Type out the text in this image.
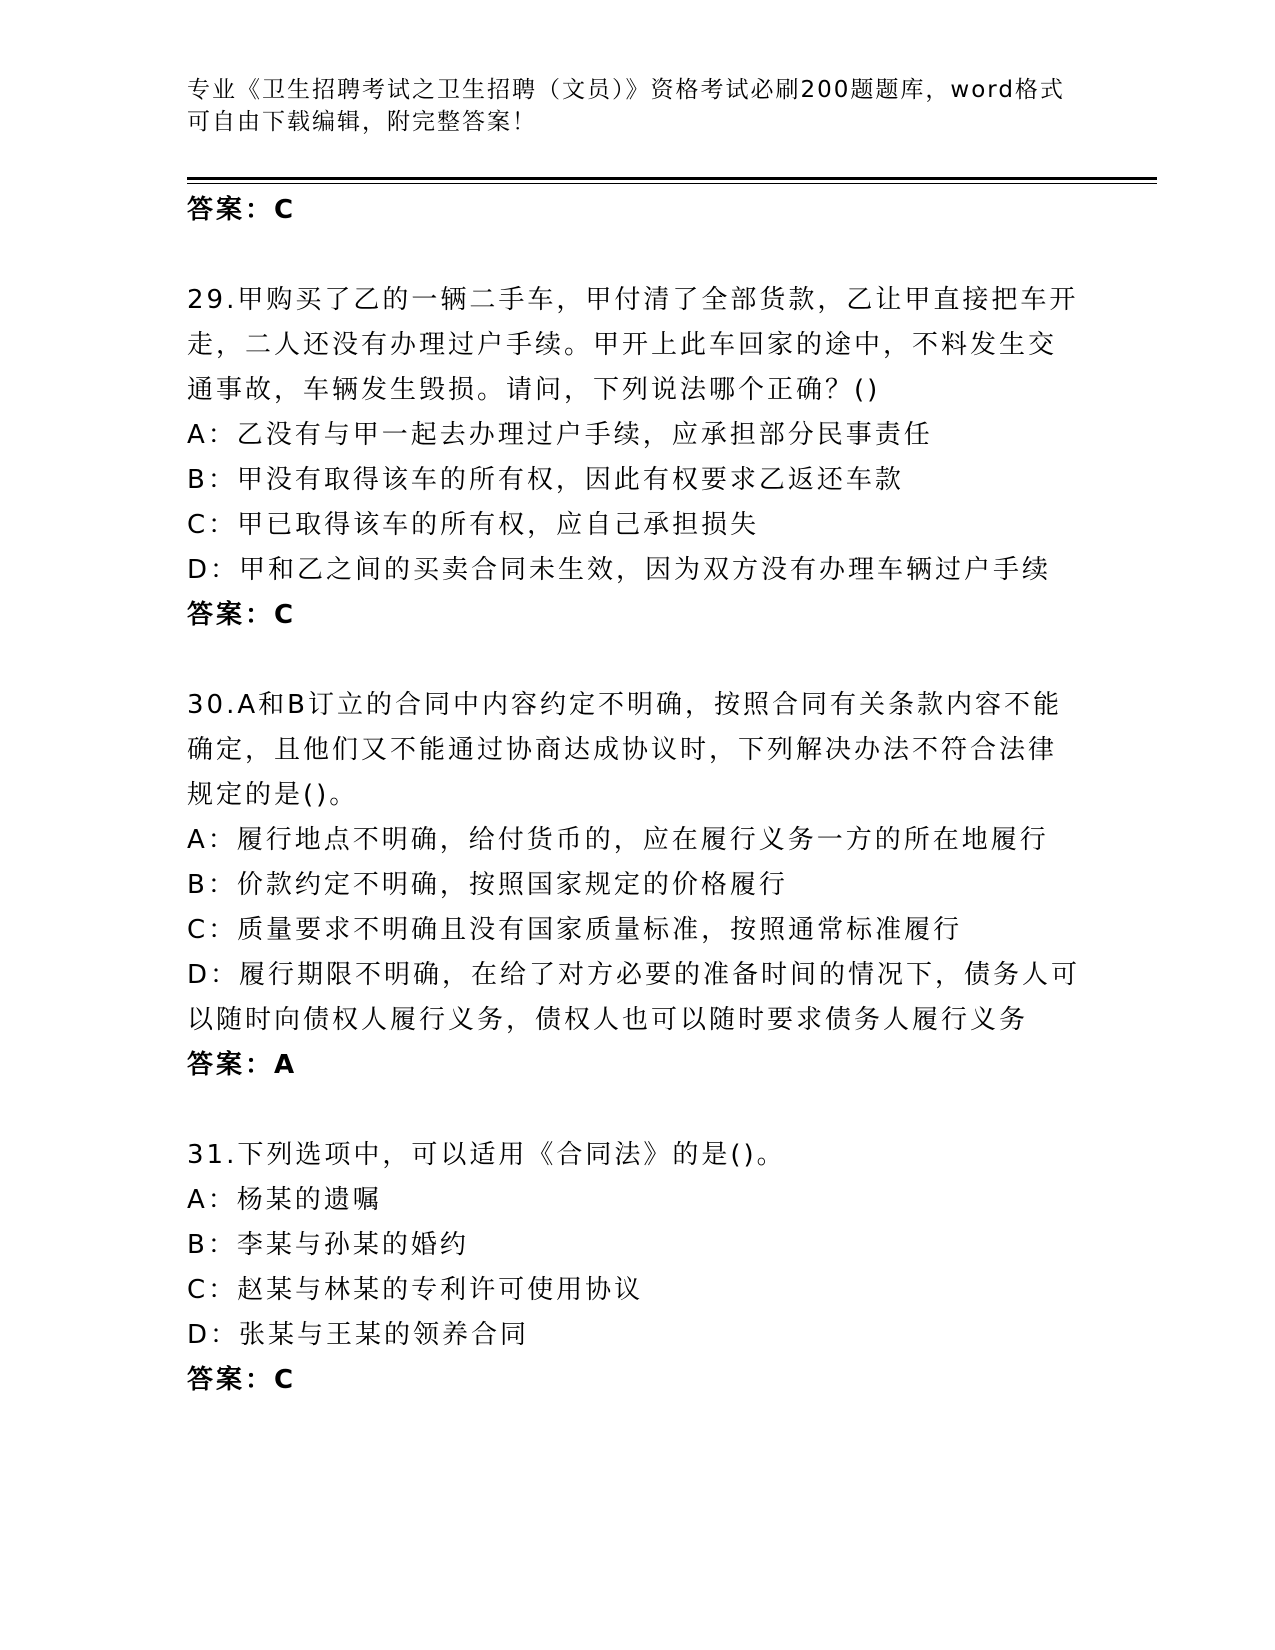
专业《卫生招聘考试之卫生招聘（文员）》资格考试必刷200题题库，word格式
可自由下载编辑，附完整答案！
答案：C
29.甲购买了乙的一辆二手车，甲付清了全部货款，乙让甲直接把车开
走，二人还没有办理过户手续。甲开上此车回家的途中，不料发生交
通事故，车辆发生毁损。请问，下列说法哪个正确？()
A：乙没有与甲一起去办理过户手续，应承担部分民事责任
B：甲没有取得该车的所有权，因此有权要求乙返还车款
C：甲已取得该车的所有权，应自己承担损失
D：甲和乙之间的买卖合同未生效，因为双方没有办理车辆过户手续
答案：C
30.A和B订立的合同中内容约定不明确，按照合同有关条款内容不能
确定，且他们又不能通过协商达成协议时，下列解决办法不符合法律
规定的是()。
A：履行地点不明确，给付货币的，应在履行义务一方的所在地履行
B：价款约定不明确，按照国家规定的价格履行
C：质量要求不明确且没有国家质量标准，按照通常标准履行
D：履行期限不明确，在给了对方必要的准备时间的情况下，债务人可
以随时向债权人履行义务，债权人也可以随时要求债务人履行义务
答案：A
31.下列选项中，可以适用《合同法》的是()。
A：杨某的遗嘱
B：李某与孙某的婚约
C：赵某与林某的专利许可使用协议
D：张某与王某的领养合同
答案：C
